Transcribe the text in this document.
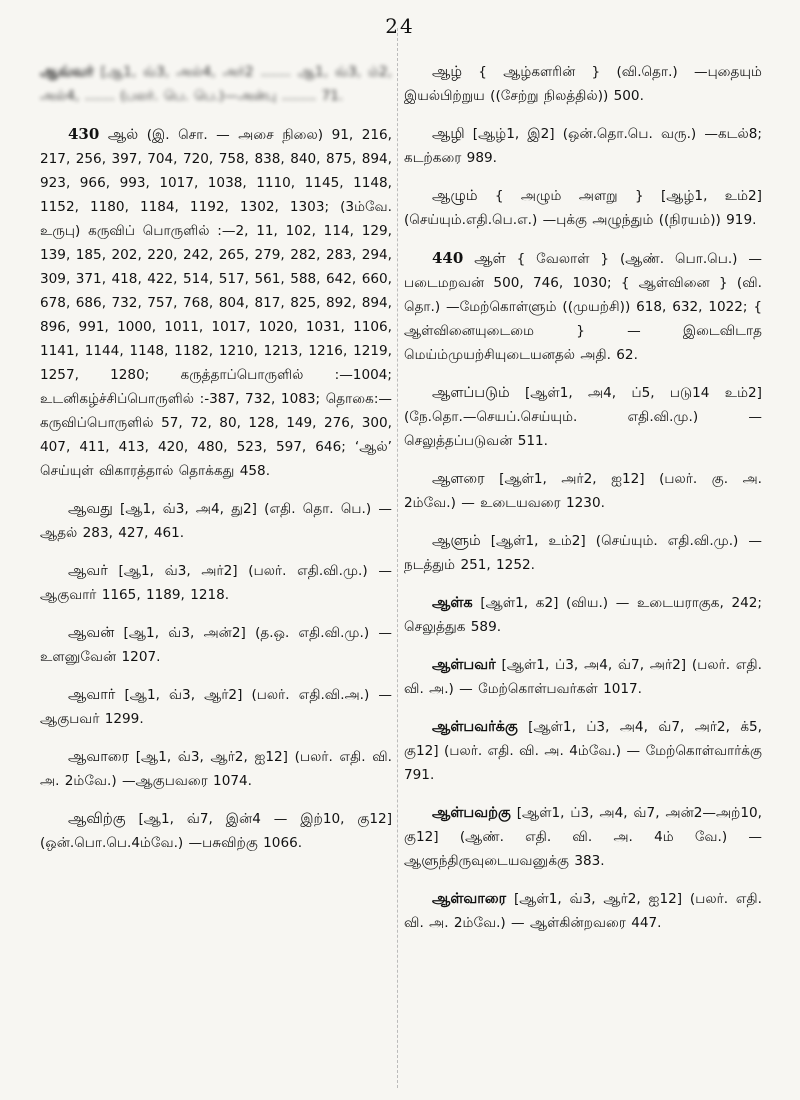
24

ஆவ்வர் [ஆ1, வ்3, அல்4, அர்2 ....... ஆ1, வ்3, ம்2, அல்4, ....... (பலர். பெ. பெ.)—அன்பு ........ 71.

430 ஆல் (இ. சொ. — அசை நிலை) 91, 216, 217, 256, 397, 704, 720, 758, 838, 840, 875, 894, 923, 966, 993, 1017, 1038, 1110, 1145, 1148, 1152, 1180, 1184, 1192, 1302, 1303; (3ம்வே. உருபு) கருவிப் பொருளில் :—2, 11, 102, 114, 129, 139, 185, 202, 220, 242, 265, 279, 282, 283, 294, 309, 371, 418, 422, 514, 517, 561, 588, 642, 660, 678, 686, 732, 757, 768, 804, 817, 825, 892, 894, 896, 991, 1000, 1011, 1017, 1020, 1031, 1106, 1141, 1144, 1148, 1182, 1210, 1213, 1216, 1219, 1257, 1280; கருத்தாப்பொருளில் :—1004; உடனிகழ்ச்சிப்பொருளில் :-387, 732, 1083; தொகை:—கருவிப்பொருளில் 57, 72, 80, 128, 149, 276, 300, 407, 411, 413, 420, 480, 523, 597, 646; ‘ஆல்’ செய்யுள் விகாரத்தால் தொக்கது 458.

ஆவது [ஆ1, வ்3, அ4, து2] (எதி. தொ. பெ.) —ஆதல் 283, 427, 461.

ஆவர் [ஆ1, வ்3, அர்2] (பலர். எதி.வி.மு.) —ஆகுவார் 1165, 1189, 1218.

ஆவன் [ஆ1, வ்3, அன்2] (த.ஒ. எதி.வி.மு.) —உளனுவேன் 1207.

ஆவார் [ஆ1, வ்3, ஆர்2] (பலர். எதி.வி.அ.) —ஆகுபவர் 1299.

ஆவாரை [ஆ1, வ்3, ஆர்2, ஐ12] (பலர். எதி. வி. அ. 2ம்வே.) —ஆகுபவரை 1074.

ஆவிற்கு [ஆ1, வ்7, இன்4 — இற்10, கு12] (ஒன்.பொ.பெ.4ம்வே.) —பசுவிற்கு 1066.

ஆழ் { ஆழ்களரின் } (வி.தொ.) —புதையும் இயல்பிற்றுய ((சேற்று நிலத்தில்)) 500.

ஆழி [ஆழ்1, இ2] (ஒன்.தொ.பெ. வரு.) —கடல்8; கடற்கரை 989.

ஆழும் { அழும் அளறு } [ஆழ்1, உம்2] (செய்யும்.எதி.பெ.எ.) —புக்கு அழுந்தும் ((நிரயம்)) 919.

440 ஆள் { வேலாள் } (ஆண். பொ.பெ.) —படைமறவன் 500, 746, 1030; { ஆள்வினை } (வி. தொ.) —மேற்கொள்ளும் ((முயற்சி)) 618, 632, 1022; { ஆள்வினையுடைமை } — இடைவிடாத மெய்ம்முயற்சியுடையனதல் அதி. 62.

ஆளப்படும் [ஆள்1, அ4, ப்5, படு14 உம்2] (நே.தொ.—செயப்.செய்யும். எதி.வி.மு.) —செலுத்தப்படுவன் 511.

ஆளரை [ஆள்1, அர்2, ஐ12] (பலர். கு. அ. 2ம்வே.) — உடையவரை 1230.

ஆளும் [ஆள்1, உம்2] (செய்யும். எதி.வி.மு.) —நடத்தும் 251, 1252.

ஆள்க [ஆள்1, க2] (விய.) — உடையராகுக, 242; செலுத்துக 589.

ஆள்பவர் [ஆள்1, ப்3, அ4, வ்7, அர்2] (பலர். எதி. வி. அ.) — மேற்கொள்பவர்கள் 1017.

ஆள்பவர்க்கு [ஆள்1, ப்3, அ4, வ்7, அர்2, க்5, கு12] (பலர். எதி. வி. அ. 4ம்வே.) — மேற்கொள்வார்க்கு 791.

ஆள்பவற்கு [ஆள்1, ப்3, அ4, வ்7, அன்2—அற்10, கு12] (ஆண். எதி. வி. அ. 4ம் வே.) — ஆளுந்திருவுடையவனுக்கு 383.

ஆள்வாரை [ஆள்1, வ்3, ஆர்2, ஐ12] (பலர். எதி. வி. அ. 2ம்வே.) — ஆள்கின்றவரை 447.
